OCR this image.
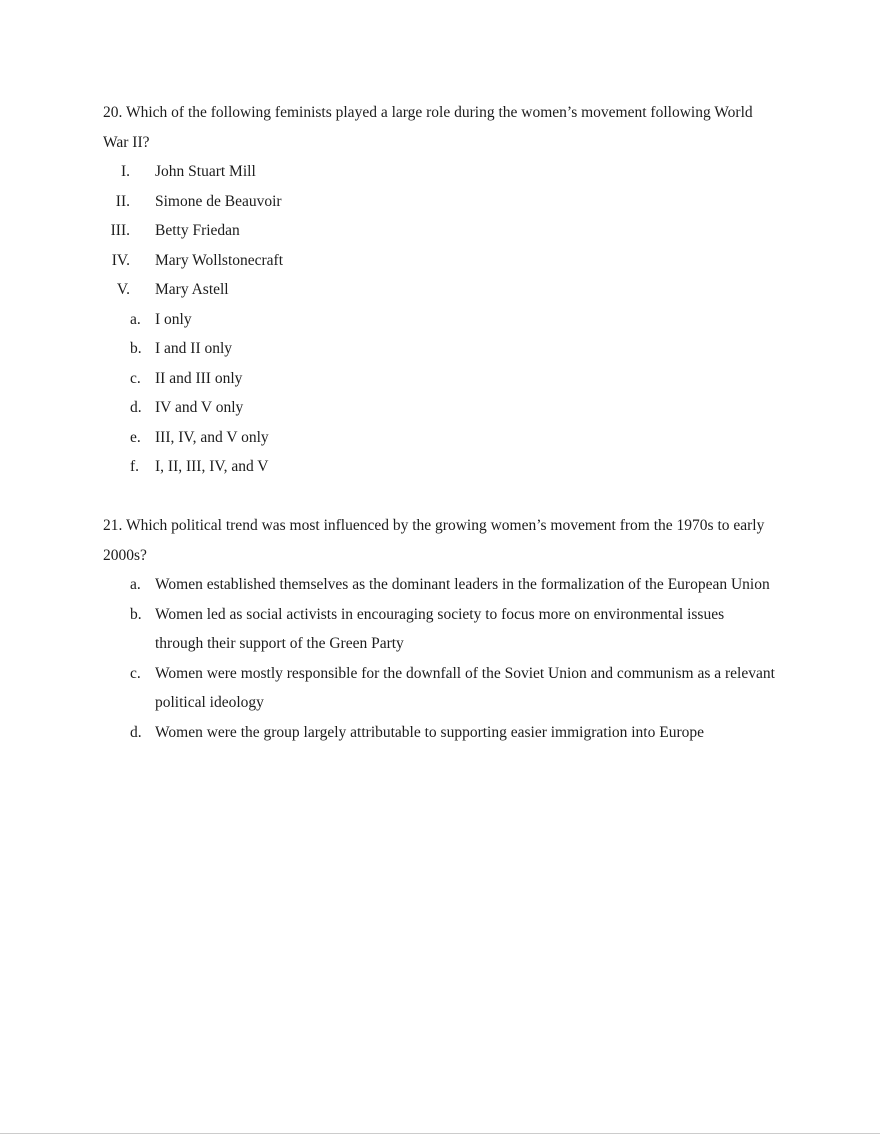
20. Which of the following feminists played a large role during the women’s movement following World War II?

I. John Stuart Mill
II. Simone de Beauvoir
III. Betty Friedan
IV. Mary Wollstonecraft
V. Mary Astell
a. I only
b. I and II only
c. II and III only
d. IV and V only
e. III, IV, and V only
f.	I, II, III, IV, and V

21. Which political trend was most influenced by the growing women’s movement from the 1970s to early 2000s?

a. Women established themselves as the dominant leaders in the formalization of the European Union
b. Women led as social activists in encouraging society to focus more on environmental issues through their support of the Green Party
c. Women were mostly responsible for the downfall of the Soviet Union and communism as a relevant political ideology
d. Women were the group largely attributable to supporting easier immigration into Europe
